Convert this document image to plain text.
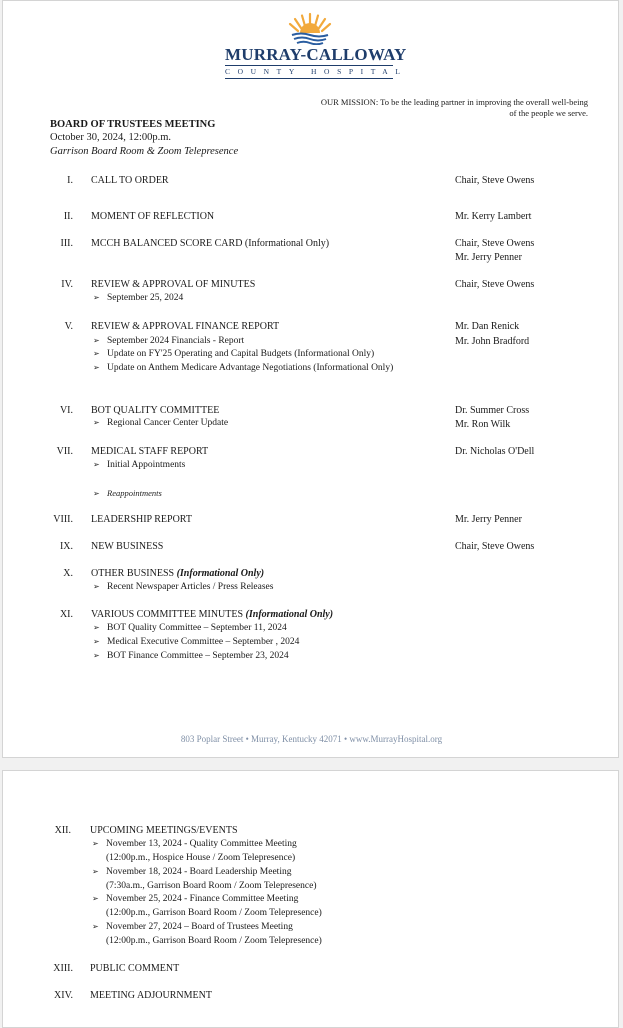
MURRAY-CALLOWAY
COUNTY HOSPITAL
OUR MISSION: To be the leading partner in improving the overall well-being
of the people we serve.
BOARD OF TRUSTEES MEETING
October 30, 2024, 12:00p.m.
Garrison Board Room & Zoom Telepresence
I. CALL TO ORDER	Chair, Steve Owens
II. MOMENT OF REFLECTION	Mr. Kerry Lambert
III. MCCH BALANCED SCORE CARD (Informational Only)	Chair, Steve Owens
Mr. Jerry Penner
IV. REVIEW & APPROVAL OF MINUTES	Chair, Steve Owens
➢ September 25, 2024
V. REVIEW & APPROVAL FINANCE REPORT	Mr. Dan Renick
Mr. John Bradford
➢ September 2024 Financials - Report
➢ Update on FY'25 Operating and Capital Budgets (Informational Only)
➢ Update on Anthem Medicare Advantage Negotiations (Informational Only)
VI. BOT QUALITY COMMITTEE	Dr. Summer Cross
Mr. Ron Wilk
➢ Regional Cancer Center Update
VII. MEDICAL STAFF REPORT	Dr. Nicholas O'Dell
➢ Initial Appointments
➢ Reappointments
VIII. LEADERSHIP REPORT	Mr. Jerry Penner
IX. NEW BUSINESS	Chair, Steve Owens
X. OTHER BUSINESS (Informational Only)
➢ Recent Newspaper Articles / Press Releases
XI. VARIOUS COMMITTEE MINUTES (Informational Only)
➢ BOT Quality Committee – September 11, 2024
➢ Medical Executive Committee – September , 2024
➢ BOT Finance Committee – September 23, 2024
803 Poplar Street • Murray, Kentucky 42071 • www.MurrayHospital.org
XII. UPCOMING MEETINGS/EVENTS
➢ November 13, 2024 - Quality Committee Meeting
(12:00p.m., Hospice House / Zoom Telepresence)
➢ November 18, 2024 - Board Leadership Meeting
(7:30a.m., Garrison Board Room / Zoom Telepresence)
➢ November 25, 2024 - Finance Committee Meeting
(12:00p.m., Garrison Board Room / Zoom Telepresence)
➢ November 27, 2024 – Board of Trustees Meeting
(12:00p.m., Garrison Board Room / Zoom Telepresence)
XIII. PUBLIC COMMENT
XIV. MEETING ADJOURNMENT
